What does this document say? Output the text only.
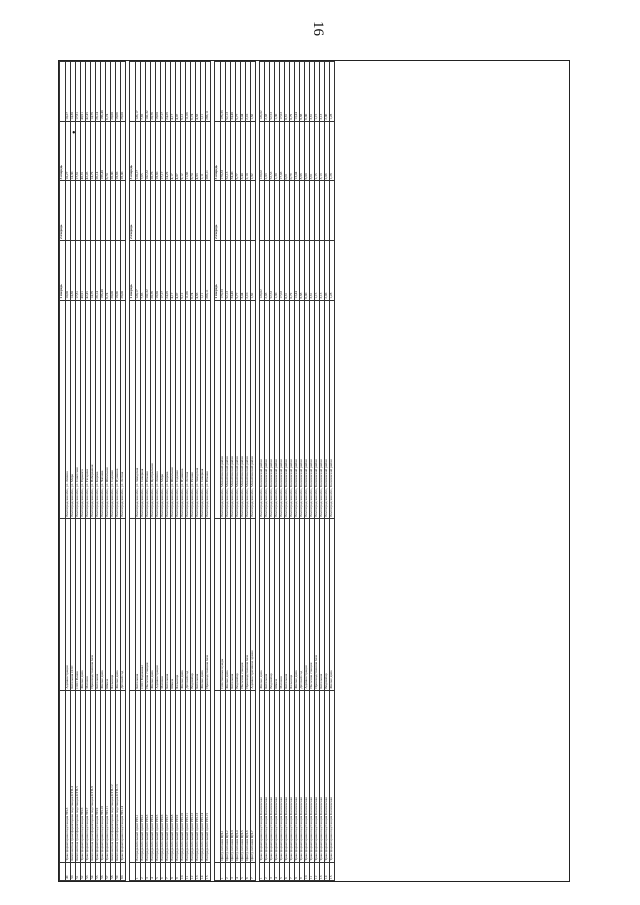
16
•
				1 очередь	2 очередь	3 очередь	
49	Трансформаторная подстанция ТП-3	Администрация	Волгоградская обл., ул. Ленина	10,00		10,27	10,27
50	Комплектная трансформаторная подстанция КТП-4	Котельная ООО	Волгоградская обл., ул. Мира	14,30		14,30	14,30
51	Комплектная трансформаторная подстанция КТП-5	ООО Рынок	Волгоградская обл., ул. Советская	17,81		17,81	17,81
52	Трансформаторная подстанция ТП-6	Жилые дома	Волгоградская обл., ул. Горького	40,91		40,91	40,91
53	Трансформаторная подстанция ТП-7	Магазин	Волгоградская обл., ул. Гагарина	42,45		42,45	42,45
54	Комплектная трансформаторная подстанция КТП-8	Производственная база	Волгоградская обл., ул. Набережная	14,79		14,79	14,79
55	Трансформаторная подстанция ТП-9	Котельная	Волгоградская обл., ул. Кирова	26,14		26,14	26,14
56	Трансформаторная подстанция ТП-10	Жилые дома	Волгоградская обл., ул. Чапаева	186,40		186,40	186,40
57	Трансформаторная подстанция ТП-11	Школа	Волгоградская обл., ул. Школьная	6,74		6,74	6,74
58	Комплектная трансформаторная подстанция КТП-12	Больница	Волгоградская обл., ул. Садовая	20,00		20,00	20,00
59	Комплектная трансформаторная подстанция КТП-13	Жилые дома	Волгоградская обл., ул. Пушкина	18,66		18,66	18,66
60	Трансформаторная подстанция ТП-14	Детский сад	Волгоградская обл., ул. Лесная	28,00		28,00	28,00

				1 очередь	2 очередь	3 очередь	
1	Распределительный пункт РП-1	Котельная	Волгоградская обл., ул. Заводская	120,17		120,17	120,17
2	Распределительный пункт РП-2	ООО Водоканал	Волгоградская обл., ул. Северная	7,65		7,65	7,65
3	Распределительный пункт РП-3	Насосная станция	Волгоградская обл., ул. Южная	102,32		102,32	102,32
4	Распределительный пункт РП-4	Жилые дома	Волгоградская обл., ул. Центральная	20,76		20,76	20,76
5	Распределительный пункт РП-5	Администрация	Волгоградская обл., ул. Ленина	18,60		18,60	18,60
6	Распределительный пункт РП-6	Магазин	Волгоградская обл., ул. Мира	17,17		17,17	17,17
7	Распределительный пункт РП-7	Котельная	Волгоградская обл., ул. Кирова	24,29		24,29	24,29
8	Распределительный пункт РП-8	Школа	Волгоградская обл., ул. Школьная	4,17		4,17	4,17
9	Распределительный пункт РП-9	Больница	Волгоградская обл., ул. Садовая	4,07		4,07	4,07
10	Распределительный пункт РП-10	Жилые дома	Волгоградская обл., ул. Пушкина	9,12		9,12	9,12
11	Распределительный пункт РП-11	Детский сад	Волгоградская обл., ул. Лесная	11,66		11,66	11,66
12	Распределительный пункт РП-12	Водозабор	Волгоградская обл., ул. Речная	6,74		6,74	6,74
13	Распределительный пункт РП-13	Котельная	Волгоградская обл., ул. Заводская	4,83		4,83	4,83
14	Распределительный пункт РП-14	Жилые дома	Волгоградская обл., ул. Северная	1,11		1,11	1,11
15	Распределительный пункт РП-15	Производственная база	Волгоградская обл., ул. Южная	266,11		266,11	266,11

				1 очередь	2 очередь	3 очередь	
1	Центр питания ЦП-1	Собственные нужды	Волгоградская обл., Михайловский район	170,33		170,33	170,33
2	Центр питания ЦП-2	Жилые дома	Волгоградская обл., Михайловский район	52,13		52,13	52,13
3	Центр питания ЦП-3	Котельная	Волгоградская обл., Михайловский район	34,40		34,40	34,40
4	Центр питания ЦП-4	Водозабор	Волгоградская обл., Михайловский район	5,77		5,77	5,77
5	Центр питания ЦП-5	Насосная станция	Волгоградская обл., Михайловский район	3,44		3,44	3,44
6	Центр питания ЦП-6	Производственная база	Волгоградская обл., Михайловский район	2,10		2,10	2,10
7	Центр питания ЦП-7	Административное здание	Волгоградская обл., Михайловский район	1,82		1,82	1,82

1	Трансформаторная подстанция Калачевская	Жилые дома	Волгоградская обл., Калачевский район	120,02		120,02	120,02
2	Трансформаторная подстанция Калачевская	Котельная	Волгоградская обл., Калачевский район	2,03		2,03	2,03
3	Трансформаторная подстанция Калачевская	Водозабор	Волгоградская обл., Калачевский район	52,53		52,53	52,53
4	Трансформаторная подстанция Калачевская	Школа	Волгоградская обл., Калачевский район	1,30		1,30	1,30
5	Трансформаторная подстанция Калачевская	Магазин	Волгоградская обл., Калачевский район	17,03		17,03	17,03
6	Трансформаторная подстанция Калачевская	Котельная	Волгоградская обл., Калачевский район	0,61		0,61	0,61
7	Трансформаторная подстанция Калачевская	Больница	Волгоградская обл., Калачевский район	0,79		0,79	0,79
8	Трансформаторная подстанция Калачевская	Жилые дома	Волгоградская обл., Калачевский район	13,44		13,44	13,44
9	Трансформаторная подстанция Калачевская	Детский сад	Волгоградская обл., Калачевский район	8,88		8,88	8,88
10	Трансформаторная подстанция Калачевская	Администрация	Волгоградская обл., Калачевский район	6,00		6,00	6,00
11	Трансформаторная подстанция Калачевская	Насосная станция	Волгоградская обл., Калачевский район	3,61		3,61	3,61
12	Трансформаторная подстанция Калачевская	Производственная база	Волгоградская обл., Калачевский район	1,15		1,15	1,15
13	Трансформаторная подстанция Калачевская	Котельная	Волгоградская обл., Калачевский район	3,13		3,13	3,13
14	Трансформаторная подстанция Калачевская	Водозабор	Волгоградская обл., Калачевский район	2,06		2,06	2,06
15	Трансформаторная подстанция Калачевская	Жилые дома	Волгоградская обл., Калачевский район	1,28		1,28	1,28
